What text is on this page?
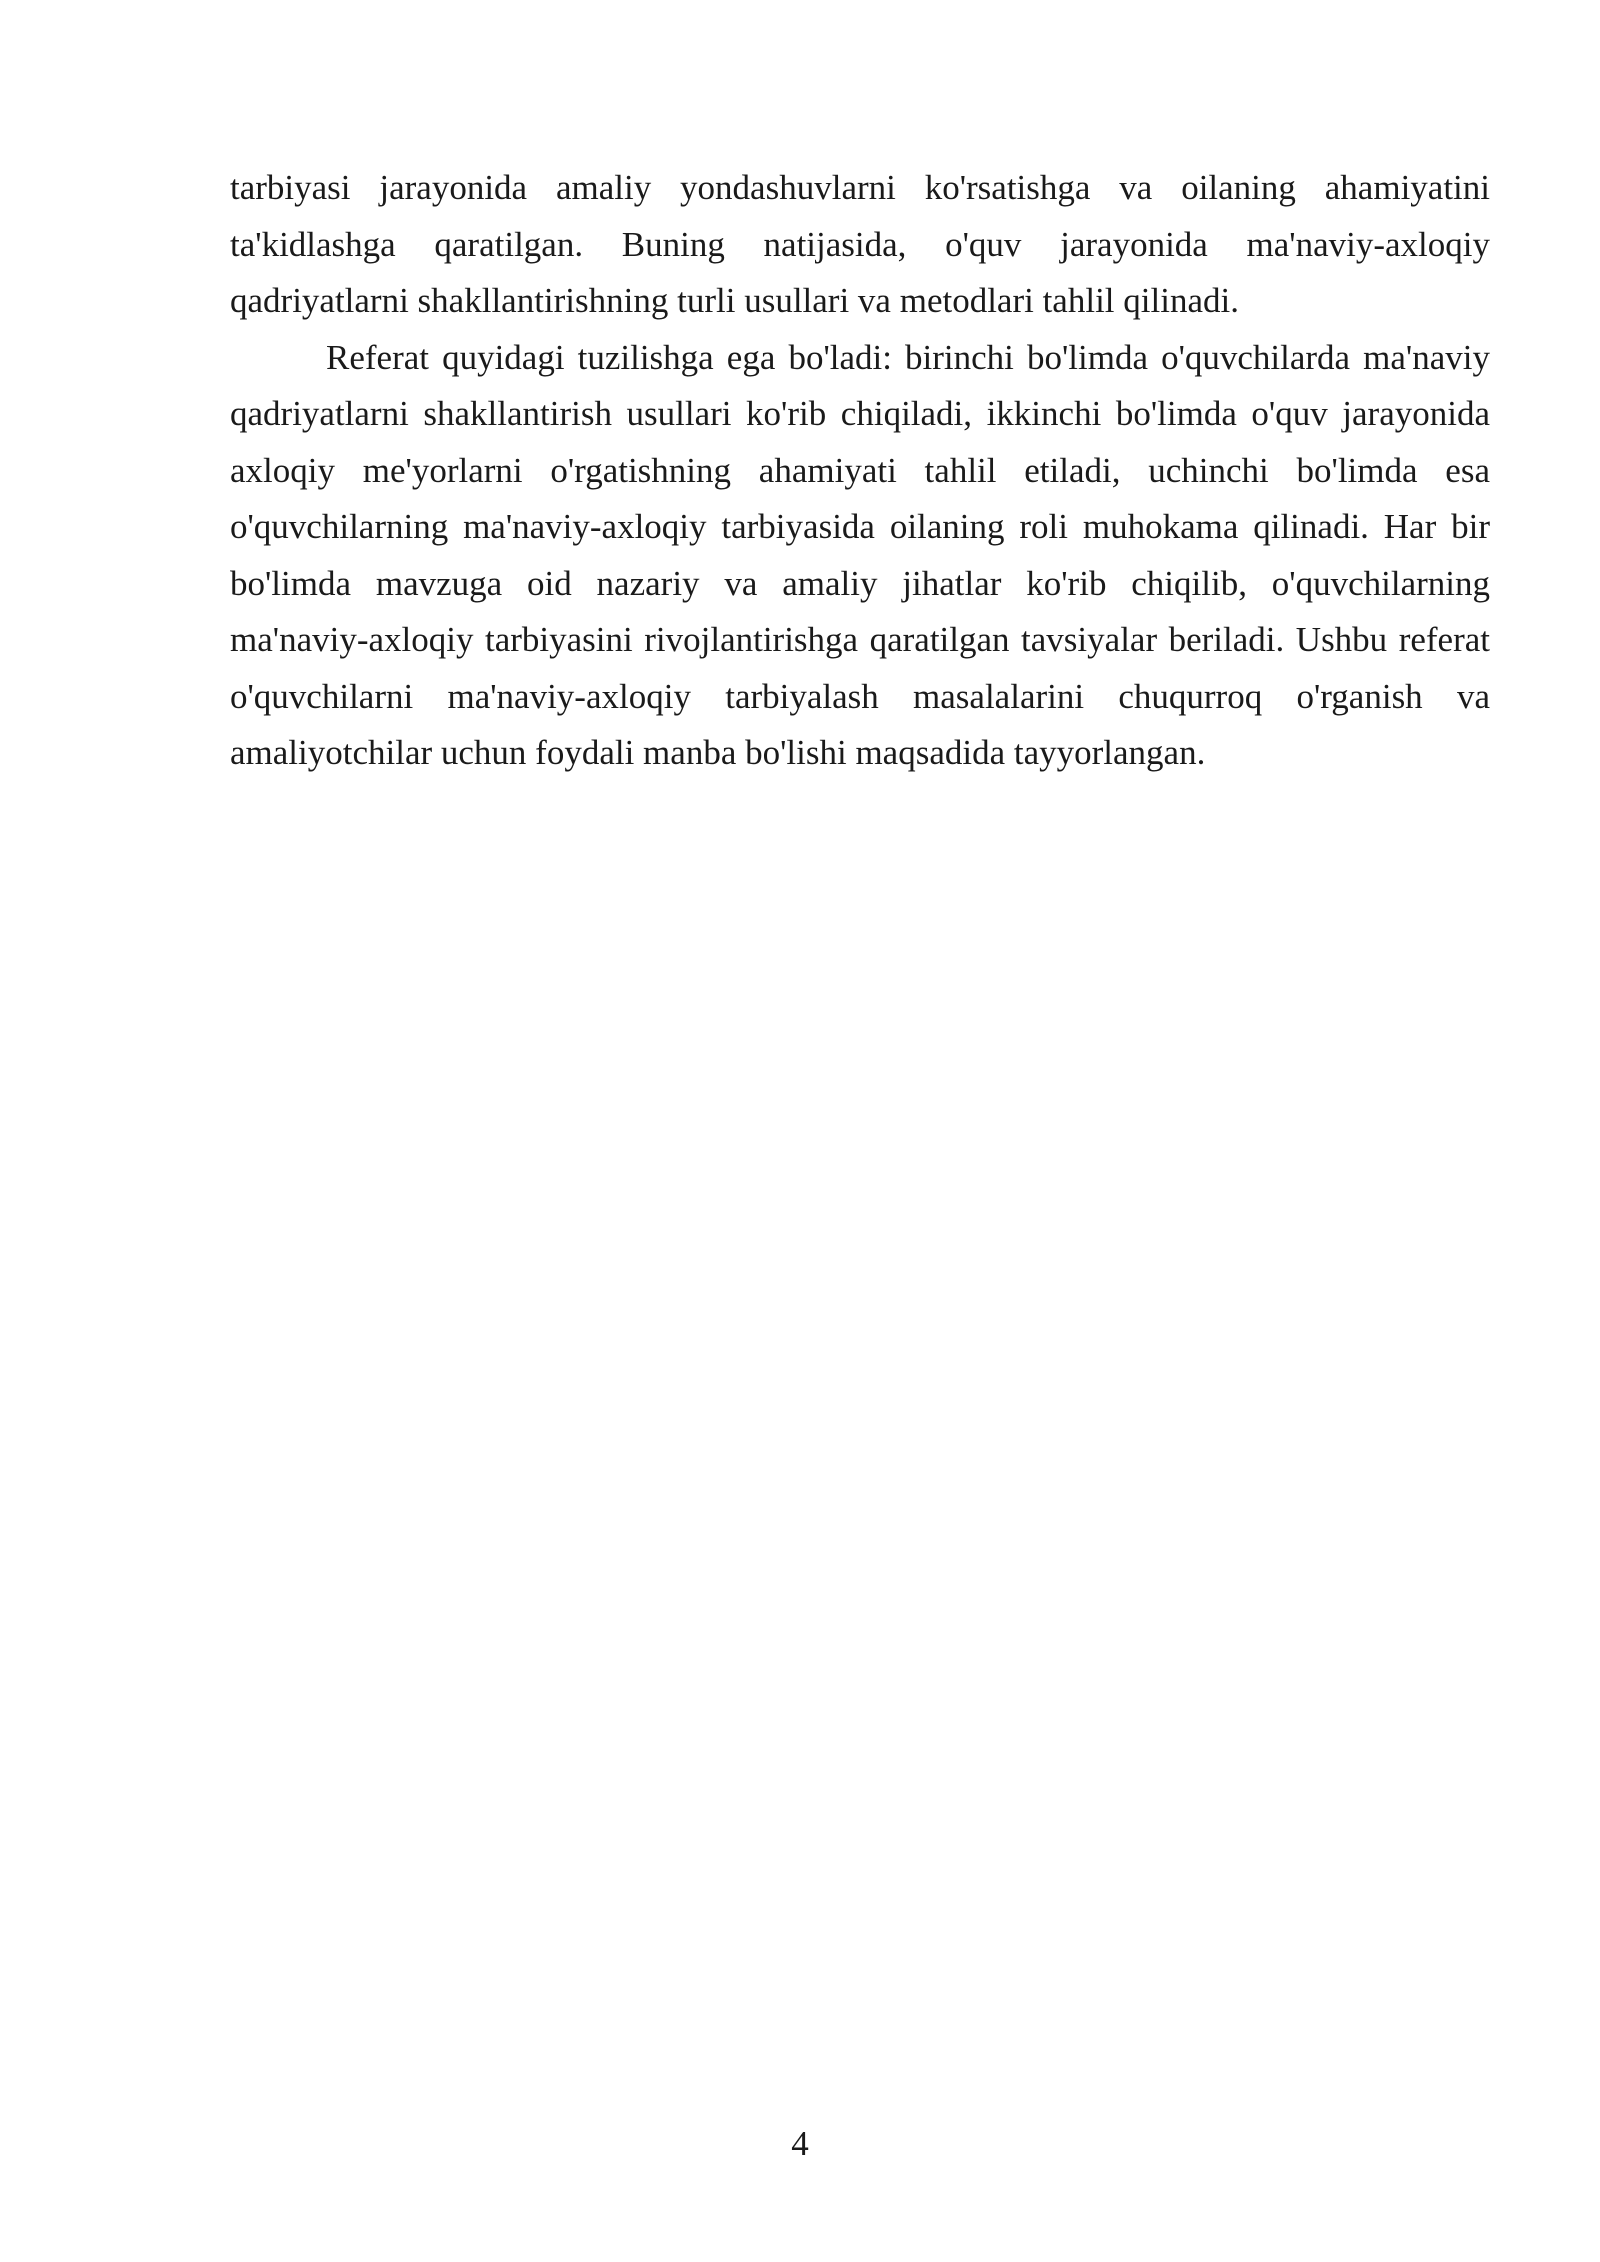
tarbiyasi jarayonida amaliy yondashuvlarni ko'rsatishga va oilaning ahamiyatini ta'kidlashga qaratilgan. Buning natijasida, o'quv jarayonida ma'naviy-axloqiy qadriyatlarni shakllantirishning turli usullari va metodlari tahlil qilinadi.

Referat quyidagi tuzilishga ega bo'ladi: birinchi bo'limda o'quvchilarda ma'naviy qadriyatlarni shakllantirish usullari ko'rib chiqiladi, ikkinchi bo'limda o'quv jarayonida axloqiy me'yorlarni o'rgatishning ahamiyati tahlil etiladi, uchinchi bo'limda esa o'quvchilarning ma'naviy-axloqiy tarbiyasida oilaning roli muhokama qilinadi. Har bir bo'limda mavzuga oid nazariy va amaliy jihatlar ko'rib chiqilib, o'quvchilarning ma'naviy-axloqiy tarbiyasini rivojlantirishga qaratilgan tavsiyalar beriladi. Ushbu referat o'quvchilarni ma'naviy-axloqiy tarbiyalash masalalarini chuqurroq o'rganish va amaliyotchilar uchun foydali manba bo'lishi maqsadida tayyorlangan.

4
